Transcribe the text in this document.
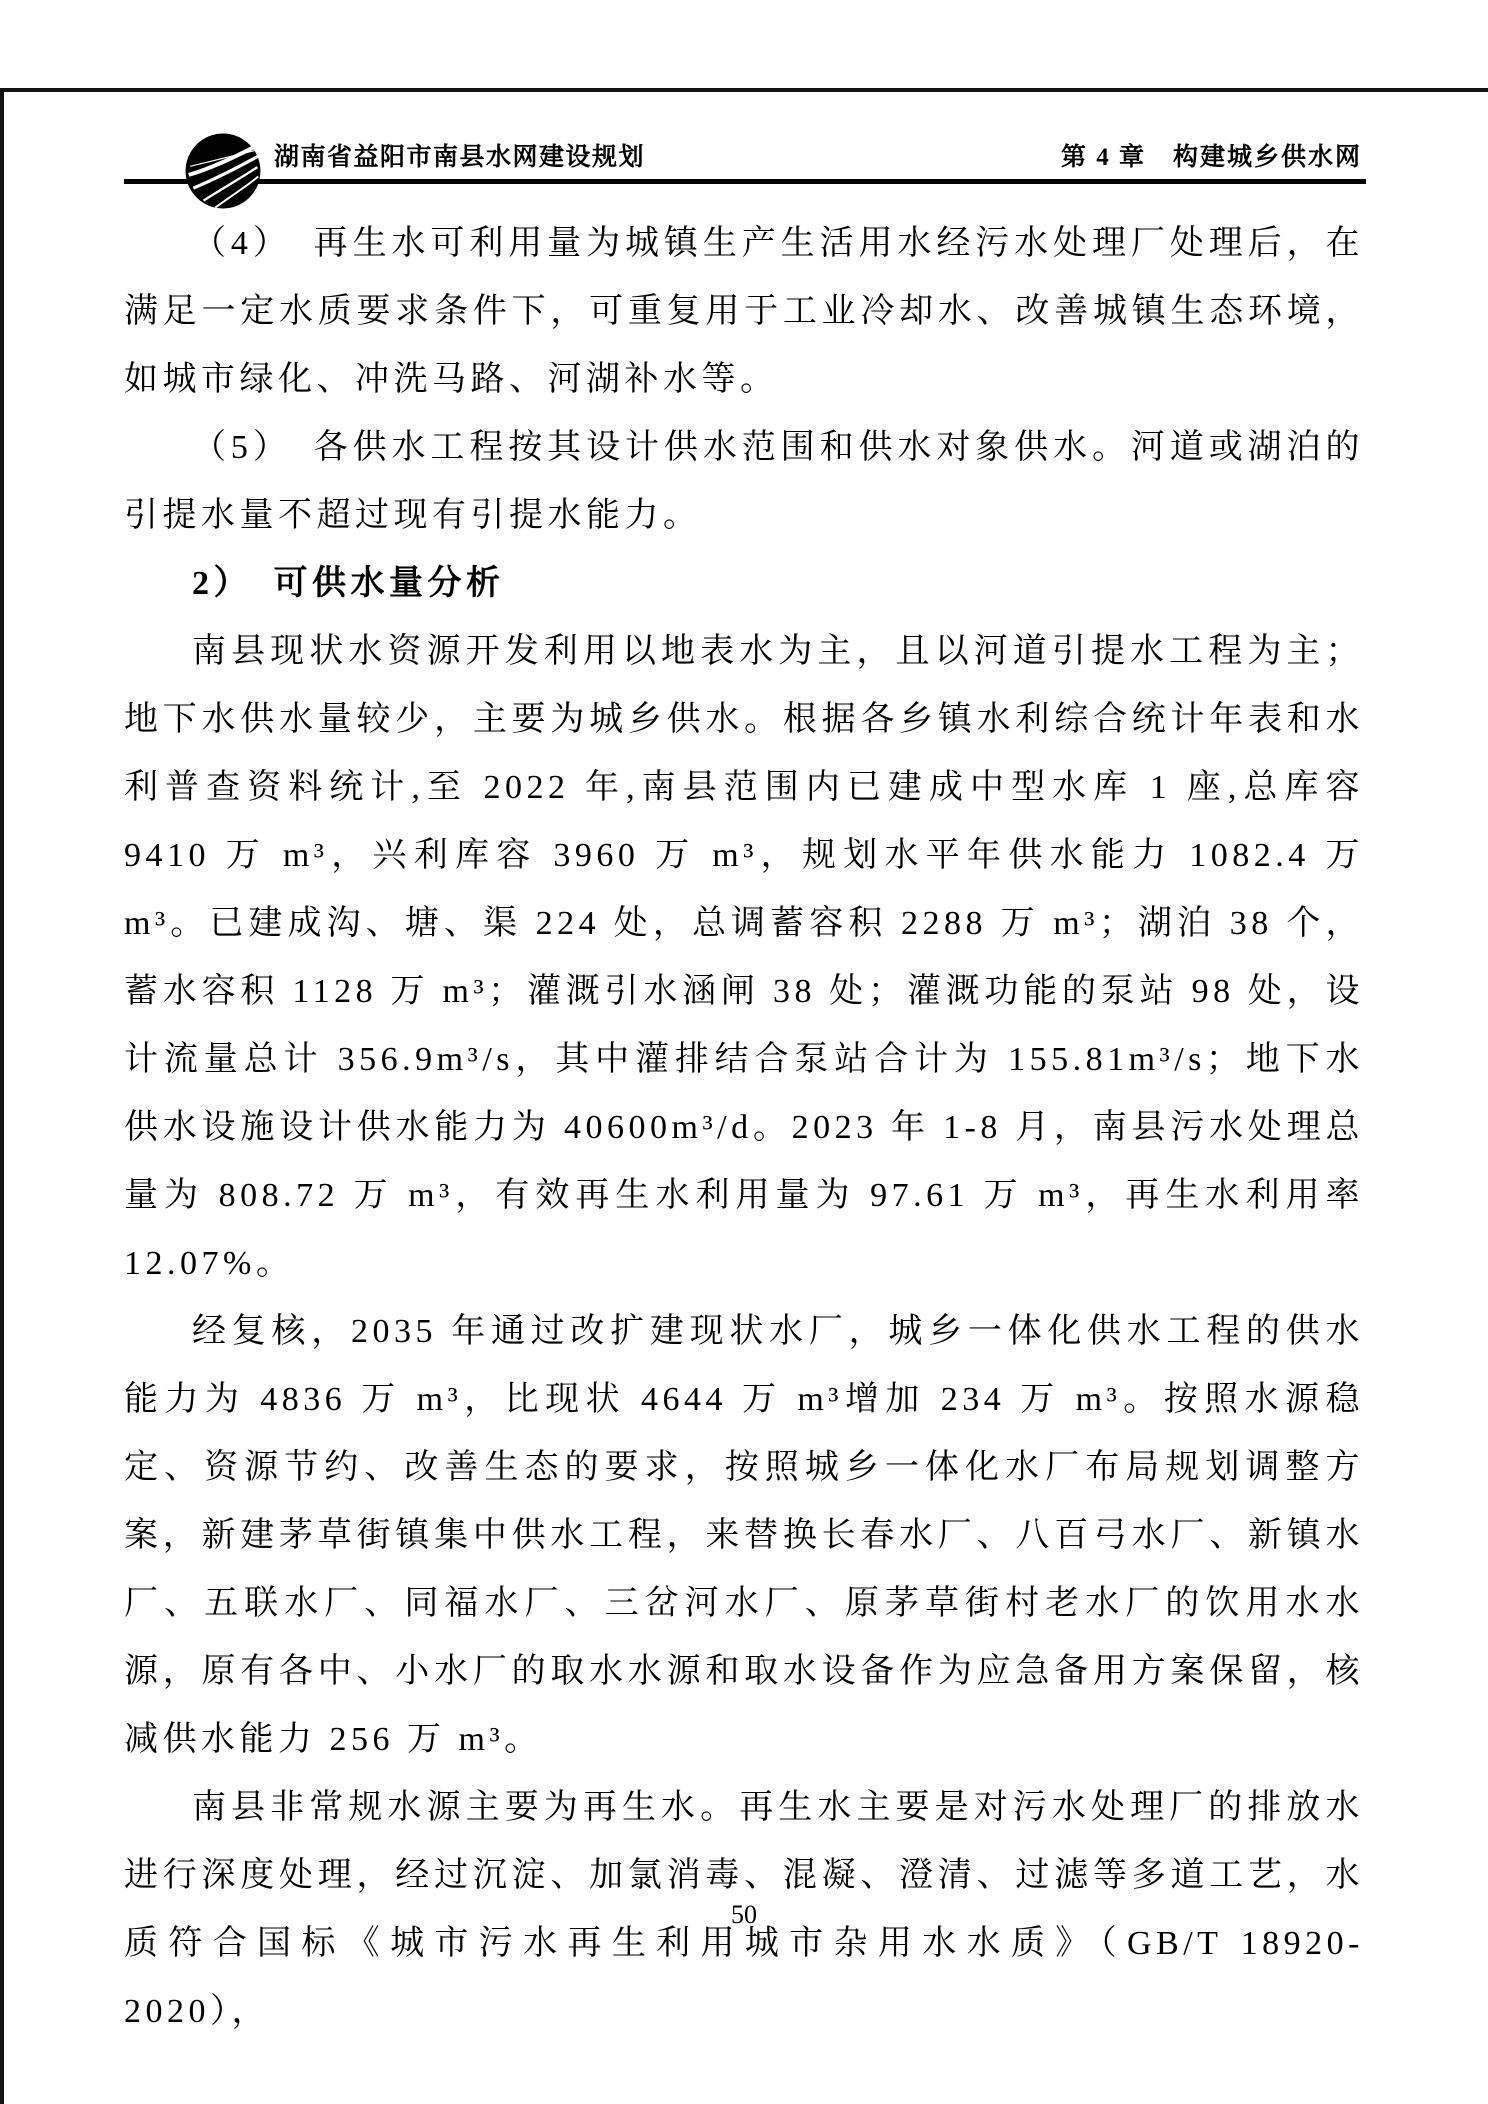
湖南省益阳市南县水网建设规划	第 4 章　构建城乡供水网

（4）　再生水可利用量为城镇生产生活用水经污水处理厂处理后，在满足一定水质要求条件下，可重复用于工业冷却水、改善城镇生态环境，如城市绿化、冲洗马路、河湖补水等。

（5）　各供水工程按其设计供水范围和供水对象供水。河道或湖泊的引提水量不超过现有引提水能力。

2）　可供水量分析

南县现状水资源开发利用以地表水为主，且以河道引提水工程为主；地下水供水量较少，主要为城乡供水。根据各乡镇水利综合统计年表和水利普查资料统计,至 2022 年,南县范围内已建成中型水库 1 座,总库容 9410 万 m³，兴利库容 3960 万 m³，规划水平年供水能力 1082.4 万 m³。已建成沟、塘、渠 224 处，总调蓄容积 2288 万 m³；湖泊 38 个，蓄水容积 1128 万 m³；灌溉引水涵闸 38 处；灌溉功能的泵站 98 处，设计流量总计 356.9m³/s，其中灌排结合泵站合计为 155.81m³/s；地下水供水设施设计供水能力为 40600m³/d。2023 年 1-8 月，南县污水处理总量为 808.72 万 m³，有效再生水利用量为 97.61 万 m³，再生水利用率 12.07%。

经复核，2035 年通过改扩建现状水厂，城乡一体化供水工程的供水能力为 4836 万 m³，比现状 4644 万 m³增加 234 万 m³。按照水源稳定、资源节约、改善生态的要求，按照城乡一体化水厂布局规划调整方案，新建茅草街镇集中供水工程，来替换长春水厂、八百弓水厂、新镇水厂、五联水厂、同福水厂、三岔河水厂、原茅草街村老水厂的饮用水水源，原有各中、小水厂的取水水源和取水设备作为应急备用方案保留，核减供水能力 256 万 m³。

南县非常规水源主要为再生水。再生水主要是对污水处理厂的排放水进行深度处理，经过沉淀、加氯消毒、混凝、澄清、过滤等多道工艺，水质符合国标《城市污水再生利用城市杂用水水质》（GB/T 18920-2020），

50
